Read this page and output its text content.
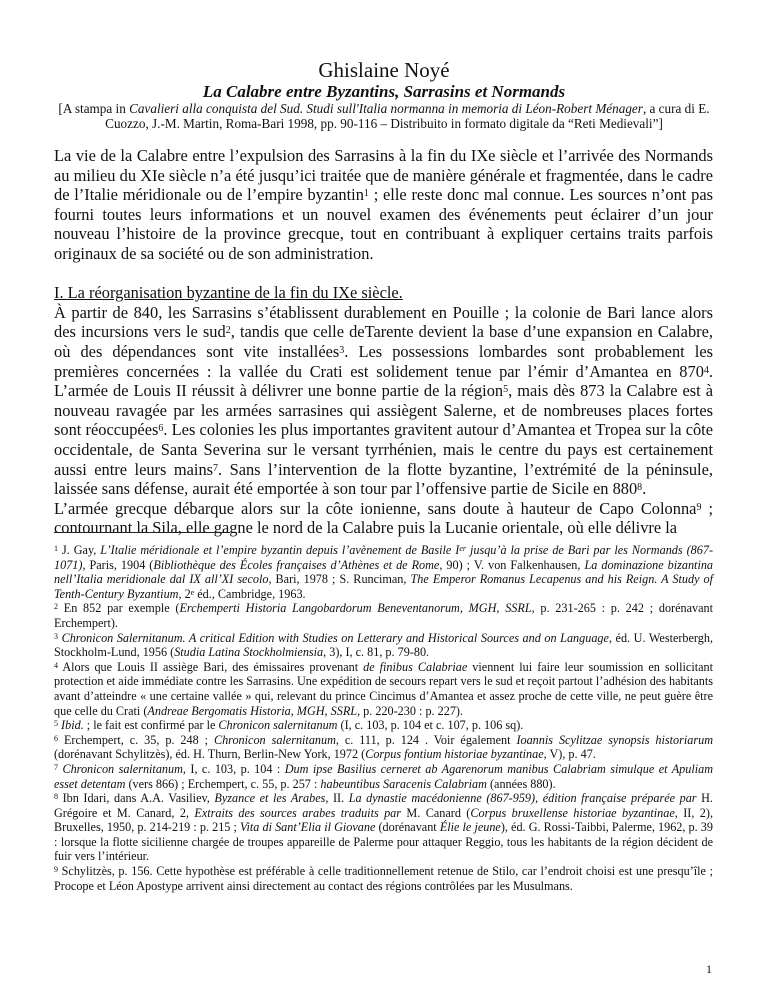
Ghislaine Noyé
La Calabre entre Byzantins, Sarrasins et Normands
[A stampa in Cavalieri alla conquista del Sud. Studi sull'Italia normanna in memoria di Léon-Robert Ménager, a cura di E. Cuozzo, J.-M. Martin, Roma-Bari 1998, pp. 90-116 – Distribuito in formato digitale da “Reti Medievali”]

La vie de la Calabre entre l’expulsion des Sarrasins à la fin du IXe siècle et l’arrivée des Normands au milieu du XIe siècle n’a été jusqu’ici traitée que de manière générale et fragmentée, dans le cadre de l’Italie méridionale ou de l’empire byzantin$^1$ ; elle reste donc mal connue. Les sources n’ont pas fourni toutes leurs informations et un nouvel examen des événements peut éclairer d’un jour nouveau l’histoire de la province grecque, tout en contribuant à expliquer certains traits parfois originaux de sa société ou de son administration.

I. La réorganisation byzantine de la fin du IXe siècle.

À partir de 840, les Sarrasins s’établissent durablement en Pouille ; la colonie de Bari lance alors des incursions vers le sud$^2$, tandis que celle deTarente devient la base d’une expansion en Calabre, où des dépendances sont vite installées$^3$. Les possessions lombardes sont probablement les premières concernées : la vallée du Crati est solidement tenue par l’émir d’Amantea en $870^4$. L’armée de Louis II réussit à délivrer une bonne partie de la région$^5$, mais dès 873 la Calabre est à nouveau ravagée par les armées sarrasines qui assiègent Salerne, et de nombreuses places fortes sont réoccupées$^6$. Les colonies les plus importantes gravitent autour d’Amantea et Tropea sur la côte occidentale, de Santa Severina sur le versant tyrrhénien, mais le centre du pays est certainement aussi entre leurs mains$^7$. Sans l’intervention de la flotte byzantine, l’extrémité de la péninsule, laissée sans défense, aurait été emportée à son tour par l’offensive partie de Sicile en $880^8$.

L’armée grecque débarque alors sur la côte ionienne, sans doute à hauteur de Capo Colonna$^9$ ; contournant la Sila, elle gagne le nord de la Calabre puis la Lucanie orientale, où elle délivre la

$^1$ J. Gay, L’Italie méridionale et l’empire byzantin depuis l’avènement de Basile Ier jusqu’à la prise de Bari par les Normands (867-1071), Paris, 1904 (Bibliothèque des Écoles françaises d’Athènes et de Rome, 90) ; V. von Falkenhausen, La dominazione bizantina nell’Italia meridionale dal IX all’XI secolo, Bari, 1978 ; S. Runciman, The Emperor Romanus Lecapenus and his Reign. A Study of Tenth-Century Byzantium, 2e éd., Cambridge, 1963.

$^2$ En 852 par exemple (Erchemperti Historia Langobardorum Beneventanorum, MGH, SSRL, p. 231-265 : p. 242 ; dorénavant Erchempert).

$^3$ Chronicon Salernitanum. A critical Edition with Studies on Letterary and Historical Sources and on Language, éd. U. Westerbergh, Stockholm-Lund, 1956 (Studia Latina Stockholmiensia, 3), I, c. 81, p. 79-80.

$^4$ Alors que Louis II assiège Bari, des émissaires provenant de finibus Calabriae viennent lui faire leur soumission en sollicitant protection et aide immédiate contre les Sarrasins. Une expédition de secours repart vers le sud et reçoit partout l’adhésion des habitants avant d’atteindre « une certaine vallée » qui, relevant du prince Cincimus d’Amantea et assez proche de cette ville, ne peut guère être que celle du Crati (Andreae Bergomatis Historia, MGH, SSRL, p. 220-230 : p. 227).

$^5$ Ibid. ; le fait est confirmé par le Chronicon salernitanum (I, c. 103, p. 104 et c. 107, p. 106 sq).

$^6$ Erchempert, c. 35, p. 248 ; Chronicon salernitanum, c. 111, p. 124 . Voir également Ioannis Scylitzae synopsis historiarum (dorénavant Schylitzès), éd. H. Thurn, Berlin-New York, 1972 (Corpus fontium historiae byzantinae, V), p. 47.

$^7$ Chronicon salernitanum, I, c. 103, p. 104 : Dum ipse Basilius cerneret ab Agarenorum manibus Calabriam simulque et Apuliam esset detentam (vers 866) ; Erchempert, c. 55, p. 257 : habeuntibus Saracenis Calabriam (années 880).

$^8$ Ibn Idari, dans A.A. Vasiliev, Byzance et les Arabes, II. La dynastie macédonienne (867-959), édition française préparée par H. Grégoire et M. Canard, 2, Extraits des sources arabes traduits par M. Canard (Corpus bruxellense historiae byzantinae, II, 2), Bruxelles, 1950, p. 214-219 : p. 215 ; Vita di Sant’Elia il Giovane (dorénavant Élie le jeune), éd. G. Rossi-Taibbi, Palerme, 1962, p. 39 : lorsque la flotte sicilienne chargée de troupes appareille de Palerme pour attaquer Reggio, tous les habitants de la région décident de fuir vers l’intérieur.

$^9$ Schylitzès, p. 156. Cette hypothèse est préférable à celle traditionnellement retenue de Stilo, car l’endroit choisi est une presqu’île ; Procope et Léon Apostype arrivent ainsi directement au contact des régions contrôlées par les Musulmans.

1
